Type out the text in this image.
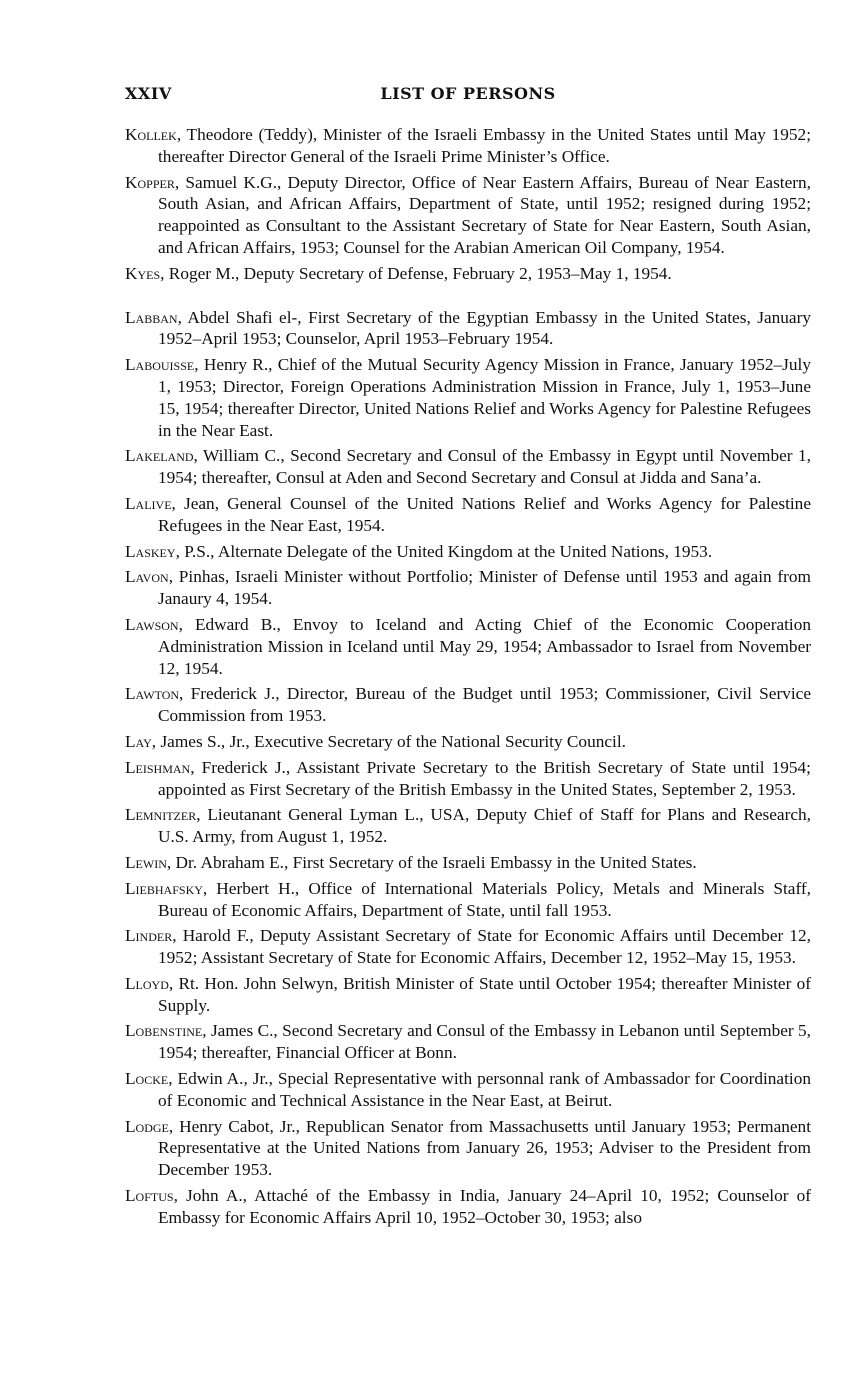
XXIV	LIST OF PERSONS

Kollek, Theodore (Teddy), Minister of the Israeli Embassy in the United States until May 1952; thereafter Director General of the Israeli Prime Minister’s Office.

Kopper, Samuel K.G., Deputy Director, Office of Near Eastern Affairs, Bureau of Near Eastern, South Asian, and African Affairs, Department of State, until 1952; resigned during 1952; reappointed as Consultant to the Assistant Secretary of State for Near Eastern, South Asian, and African Affairs, 1953; Counsel for the Arabian American Oil Company, 1954.

Kyes, Roger M., Deputy Secretary of Defense, February 2, 1953–May 1, 1954.

Labban, Abdel Shafi el-, First Secretary of the Egyptian Embassy in the United States, January 1952–April 1953; Counselor, April 1953–February 1954.

Labouisse, Henry R., Chief of the Mutual Security Agency Mission in France, January 1952–July 1, 1953; Director, Foreign Operations Administration Mission in France, July 1, 1953–June 15, 1954; thereafter Director, United Nations Relief and Works Agency for Palestine Refugees in the Near East.

Lakeland, William C., Second Secretary and Consul of the Embassy in Egypt until November 1, 1954; thereafter, Consul at Aden and Second Secretary and Consul at Jidda and Sana’a.

Lalive, Jean, General Counsel of the United Nations Relief and Works Agency for Palestine Refugees in the Near East, 1954.

Laskey, P.S., Alternate Delegate of the United Kingdom at the United Nations, 1953.

Lavon, Pinhas, Israeli Minister without Portfolio; Minister of Defense until 1953 and again from Janaury 4, 1954.

Lawson, Edward B., Envoy to Iceland and Acting Chief of the Economic Cooperation Administration Mission in Iceland until May 29, 1954; Ambassador to Israel from November 12, 1954.

Lawton, Frederick J., Director, Bureau of the Budget until 1953; Commissioner, Civil Service Commission from 1953.

Lay, James S., Jr., Executive Secretary of the National Security Council.

Leishman, Frederick J., Assistant Private Secretary to the British Secretary of State until 1954; appointed as First Secretary of the British Embassy in the United States, September 2, 1953.

Lemnitzer, Lieutanant General Lyman L., USA, Deputy Chief of Staff for Plans and Research, U.S. Army, from August 1, 1952.

Lewin, Dr. Abraham E., First Secretary of the Israeli Embassy in the United States.

Liebhafsky, Herbert H., Office of International Materials Policy, Metals and Minerals Staff, Bureau of Economic Affairs, Department of State, until fall 1953.

Linder, Harold F., Deputy Assistant Secretary of State for Economic Affairs until December 12, 1952; Assistant Secretary of State for Economic Affairs, December 12, 1952–May 15, 1953.

Lloyd, Rt. Hon. John Selwyn, British Minister of State until October 1954; thereafter Minister of Supply.

Lobenstine, James C., Second Secretary and Consul of the Embassy in Lebanon until September 5, 1954; thereafter, Financial Officer at Bonn.

Locke, Edwin A., Jr., Special Representative with personnal rank of Ambassador for Coordination of Economic and Technical Assistance in the Near East, at Beirut.

Lodge, Henry Cabot, Jr., Republican Senator from Massachusetts until January 1953; Permanent Representative at the United Nations from January 26, 1953; Adviser to the President from December 1953.

Loftus, John A., Attaché of the Embassy in India, January 24–April 10, 1952; Counselor of Embassy for Economic Affairs April 10, 1952–October 30, 1953; also
